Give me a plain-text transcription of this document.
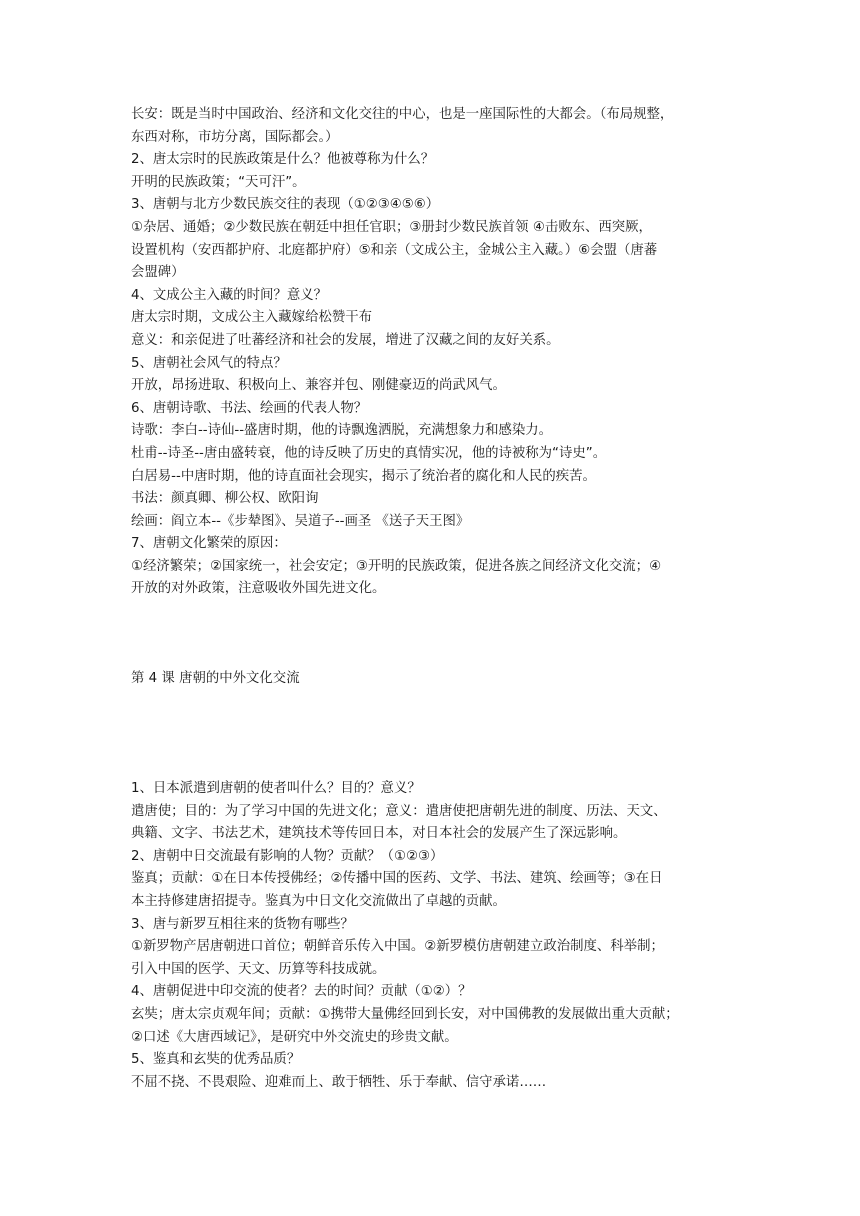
长安：既是当时中国政治、经济和文化交往的中心，也是一座国际性的大都会。（布局规整，
东西对称，市坊分离，国际都会。）
2、唐太宗时的民族政策是什么？他被尊称为什么？
开明的民族政策；“天可汗”。
3、唐朝与北方少数民族交往的表现（①②③④⑤⑥）
①杂居、通婚；②少数民族在朝廷中担任官职；③册封少数民族首领 ④击败东、西突厥，
设置机构（安西都护府、北庭都护府）⑤和亲（文成公主，金城公主入藏。）⑥会盟（唐蕃
会盟碑）
4、文成公主入藏的时间？意义？
唐太宗时期，文成公主入藏嫁给松赞干布
意义：和亲促进了吐蕃经济和社会的发展，增进了汉藏之间的友好关系。
5、唐朝社会风气的特点？
开放，昂扬进取、积极向上、兼容并包、刚健豪迈的尚武风气。
6、唐朝诗歌、书法、绘画的代表人物？
诗歌：李白--诗仙--盛唐时期，他的诗飘逸洒脱，充满想象力和感染力。
杜甫--诗圣--唐由盛转衰，他的诗反映了历史的真情实况，他的诗被称为“诗史”。
白居易--中唐时期，他的诗直面社会现实，揭示了统治者的腐化和人民的疾苦。
书法：颜真卿、柳公权、欧阳询
绘画：阎立本--《步辇图》、吴道子--画圣 《送子天王图》
7、唐朝文化繁荣的原因：
①经济繁荣；②国家统一，社会安定；③开明的民族政策，促进各族之间经济文化交流；④
开放的对外政策，注意吸收外国先进文化。
第 4 课 唐朝的中外文化交流
1、日本派遣到唐朝的使者叫什么？目的？意义？
遣唐使；目的：为了学习中国的先进文化；意义：遣唐使把唐朝先进的制度、历法、天文、
典籍、文字、书法艺术，建筑技术等传回日本，对日本社会的发展产生了深远影响。
2、唐朝中日交流最有影响的人物？贡献？（①②③）
鉴真；贡献：①在日本传授佛经；②传播中国的医药、文学、书法、建筑、绘画等；③在日
本主持修建唐招提寺。鉴真为中日文化交流做出了卓越的贡献。
3、唐与新罗互相往来的货物有哪些？
①新罗物产居唐朝进口首位；朝鲜音乐传入中国。②新罗模仿唐朝建立政治制度、科举制；
引入中国的医学、天文、历算等科技成就。
4、唐朝促进中印交流的使者？去的时间？贡献（①②）？
玄奘；唐太宗贞观年间；贡献：①携带大量佛经回到长安，对中国佛教的发展做出重大贡献；
②口述《大唐西域记》，是研究中外交流史的珍贵文献。
5、鉴真和玄奘的优秀品质？
不屈不挠、不畏艰险、迎难而上、敢于牺牲、乐于奉献、信守承诺……
